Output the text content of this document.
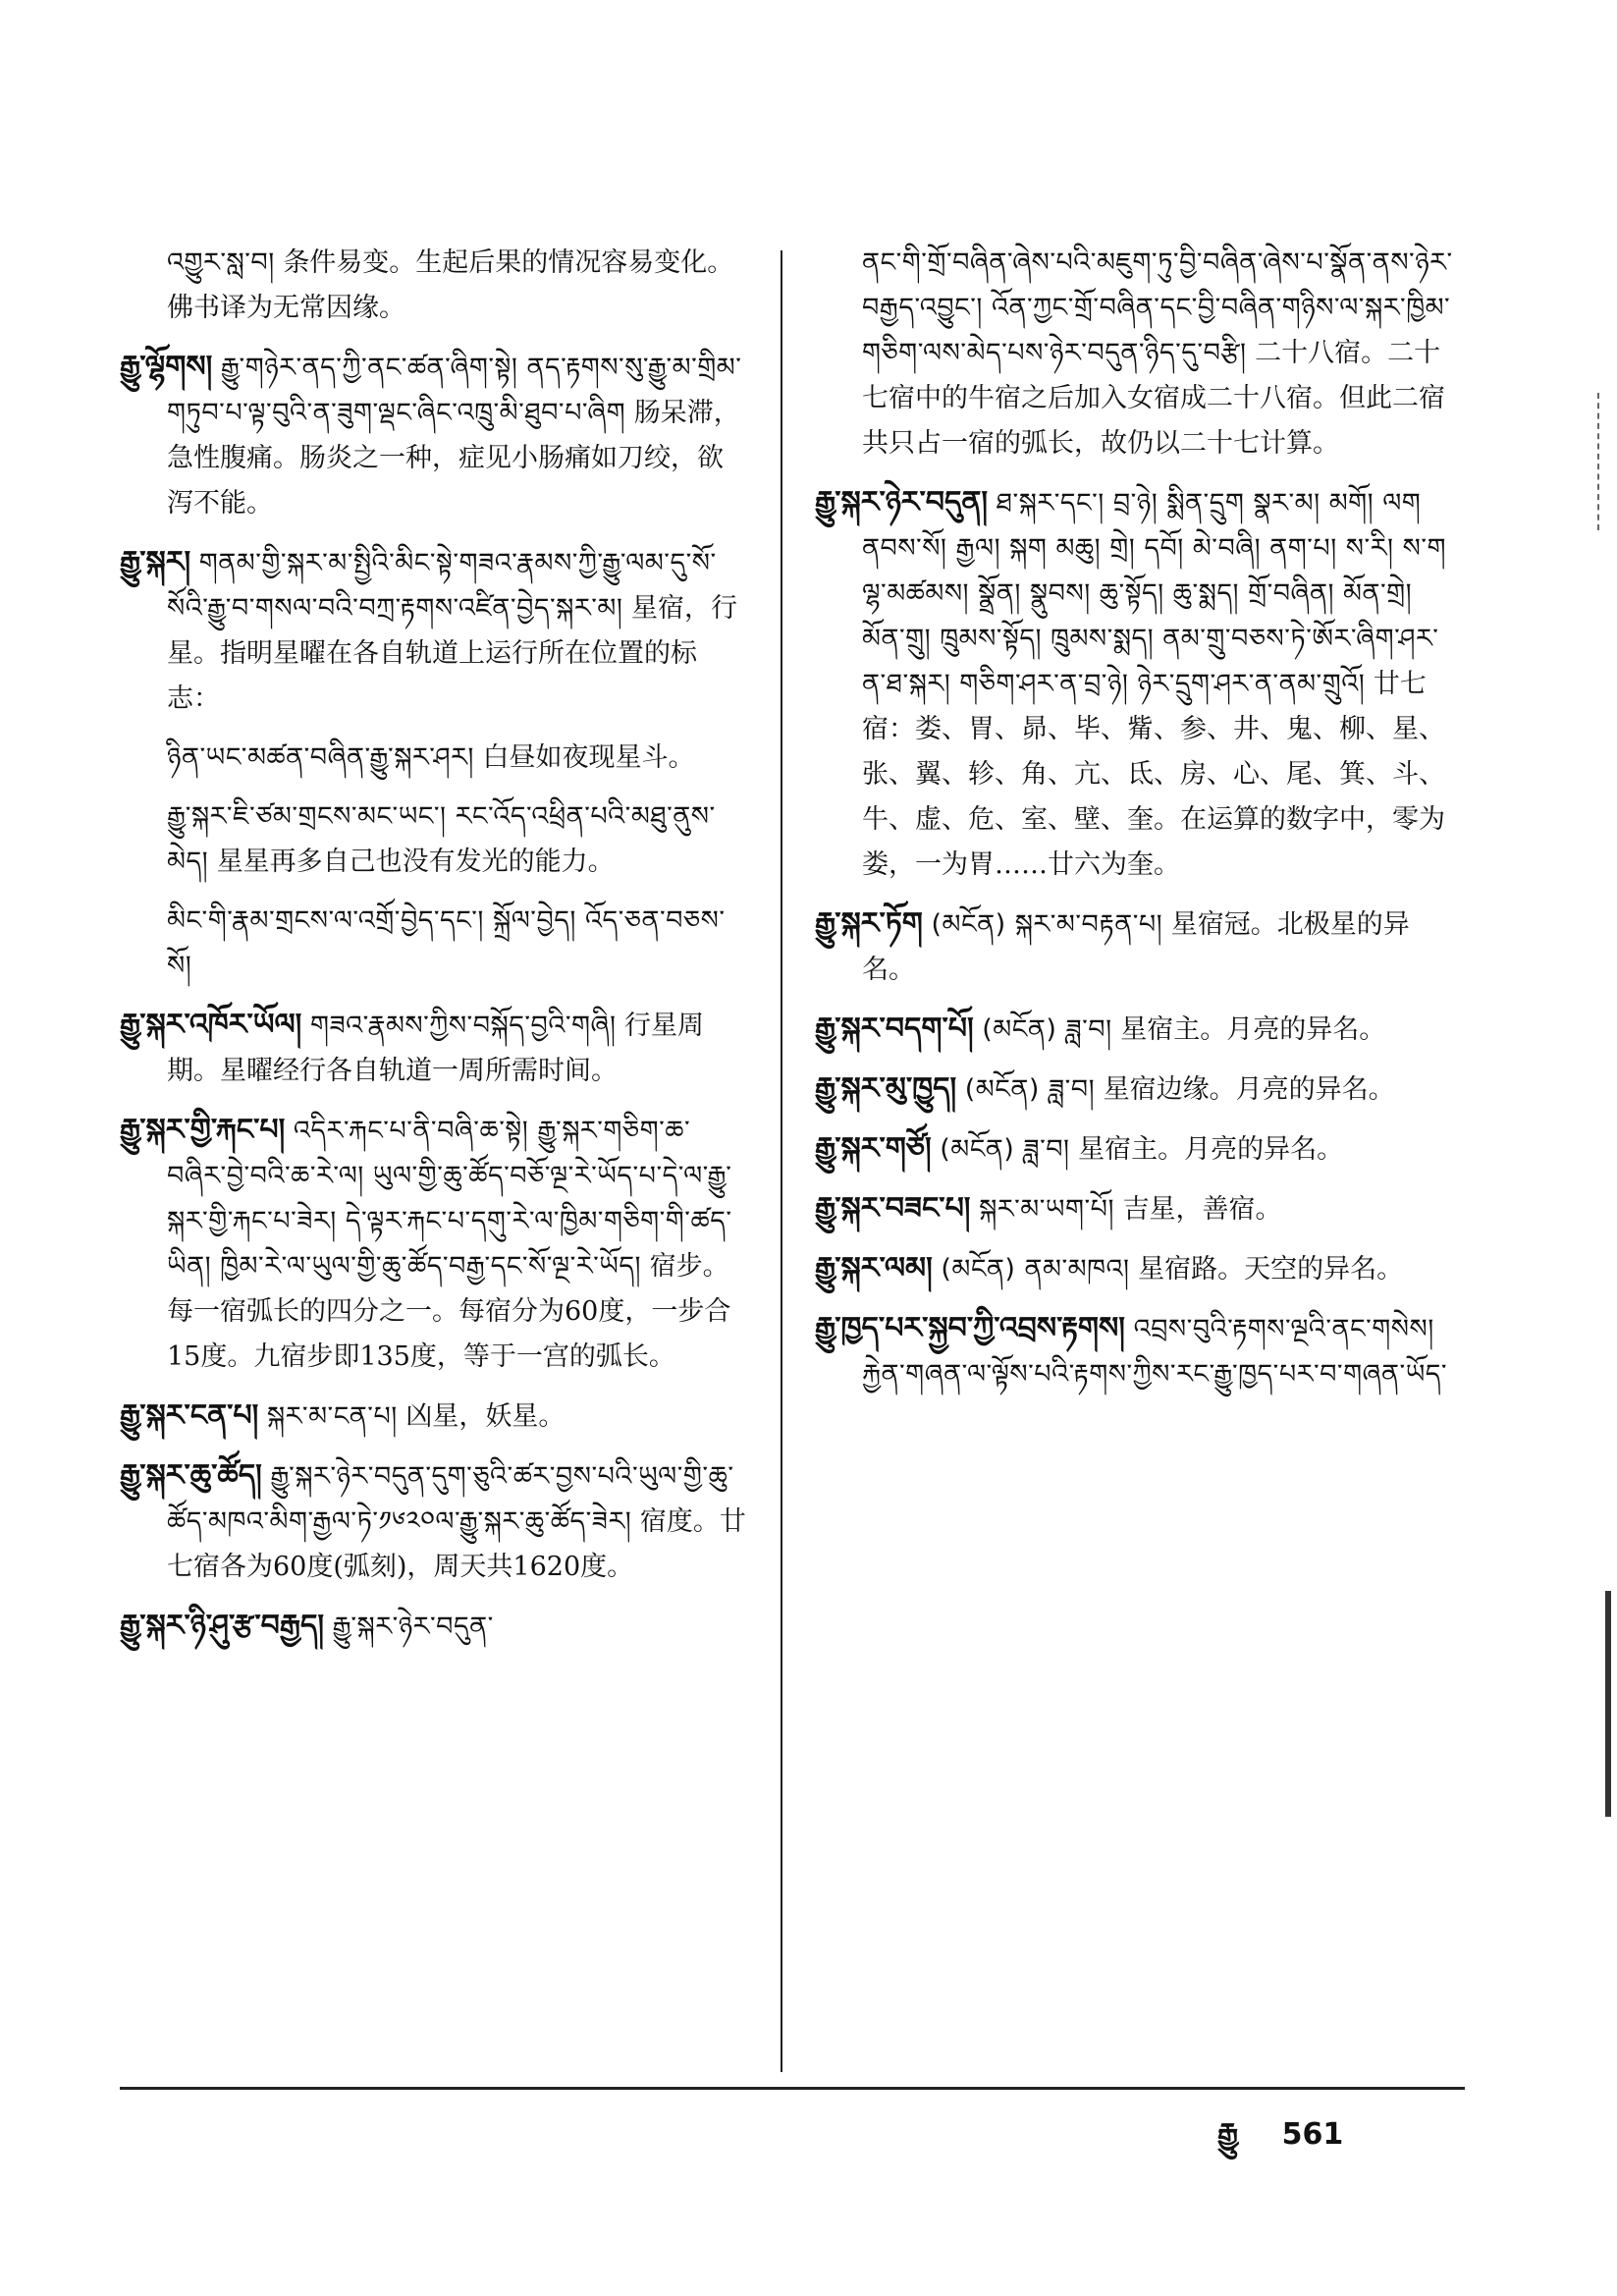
འགྱུར་སླ་བ། 条件易变。生起后果的情况容易变化。佛书译为无常因缘。

རྒྱུ་ལྷོགས། རྒྱུ་གཉེར་ནད་ཀྱི་ནང་ཚན་ཞིག་སྟེ། ནད་རྟགས་སུ་རྒྱུ་མ་གྲིམ་གཏུབ་པ་ལྟ་བུའི་ན་ཟུག་ལྡང་ཞིང་འཁྲུ་མི་ཐུབ་པ་ཞིག 肠呆滞，急性腹痛。肠炎之一种，症见小肠痛如刀绞，欲泻不能。

རྒྱུ་སྐར། གནམ་གྱི་སྐར་མ་སྤྱིའི་མིང་སྟེ་གཟའ་རྣམས་ཀྱི་རྒྱུ་ལམ་དུ་སོ་སོའི་རྒྱུ་བ་གསལ་བའི་བཀྲ་རྟགས་འཛིན་བྱེད་སྐར་མ། 星宿，行星。指明星曜在各自轨道上运行所在位置的标志：

ཉིན་ཡང་མཚན་བཞིན་རྒྱུ་སྐར་ཤར། 白昼如夜现星斗。

རྒྱུ་སྐར་ཇི་ཙམ་གྲངས་མང་ཡང་། རང་འོད་འཕྲིན་པའི་མཐུ་ནུས་མེད། 星星再多自己也没有发光的能力。

མིང་གི་རྣམ་གྲངས་ལ་འགྲོ་བྱེད་དང་། སྐྲོལ་བྱེད། འོད་ཅན་བཅས་སོ།

རྒྱུ་སྐར་འཁོར་ཡོལ། གཟའ་རྣམས་ཀྱིས་བསྐོད་བྱའི་གཞི། 行星周期。星曜经行各自轨道一周所需时间。

རྒྱུ་སྐར་གྱི་རྐང་པ། འདིར་རྐང་པ་ནི་བཞི་ཆ་སྟེ། རྒྱུ་སྐར་གཅིག་ཆ་བཞིར་བྱེ་བའི་ཆ་རེ་ལ། ཡུལ་གྱི་ཆུ་ཚོད་བཅོ་ལྔ་རེ་ཡོད་པ་དེ་ལ་རྒྱུ་སྐར་གྱི་རྐང་པ་ཟེར། དེ་ལྟར་རྐང་པ་དགུ་རེ་ལ་ཁྱིམ་གཅིག་གི་ཚད་ཡིན། ཁྱིམ་རེ་ལ་ཡུལ་གྱི་ཆུ་ཚོད་བརྒྱ་དང་སོ་ལྔ་རེ་ཡོད། 宿步。每一宿弧长的四分之一。每宿分为60度，一步合15度。九宿步即135度，等于一宫的弧长。

རྒྱུ་སྐར་ངན་པ། སྐར་མ་ངན་པ། 凶星，妖星。

རྒྱུ་སྐར་ཆུ་ཚོད། རྒྱུ་སྐར་ཉེར་བདུན་དུག་ཅུའི་ཚར་བྱས་པའི་ཡུལ་གྱི་ཆུ་ཚོད་མཁའ་མིག་རྒྱལ་ཏེ་༡༦༢༠ལ་རྒྱུ་སྐར་ཆུ་ཚོད་ཟེར། 宿度。廿七宿各为60度(弧刻)，周天共1620度。

རྒྱུ་སྐར་ཉི་ཤུ་རྩ་བརྒྱད། རྒྱུ་སྐར་ཉེར་བདུན་

ནང་གི་གྲོ་བཞིན་ཞེས་པའི་མཇུག་ཏུ་བྱི་བཞིན་ཞེས་པ་སྣོན་ནས་ཉེར་བརྒྱད་འབྱུང་། འོན་ཀྱང་གྲོ་བཞིན་དང་བྱི་བཞིན་གཉིས་ལ་སྐར་ཁྱིམ་གཅིག་ལས་མེད་པས་ཉེར་བདུན་ཉིད་དུ་བརྩི། 二十八宿。二十七宿中的牛宿之后加入女宿成二十八宿。但此二宿共只占一宿的弧长，故仍以二十七计算。

རྒྱུ་སྐར་ཉེར་བདུན། ཐ་སྐར་དང་། བྲ་ཉེ། སྨིན་དྲུག སྣར་མ། མགོ། ལག ནབས་སོ། རྒྱལ། སྐག མཆུ། གྲེ། དབོ། མེ་བཞི། ནག་པ། ས་རི། ས་ག ལྷ་མཚམས། སྣྲོན། སྣུབས། ཆུ་སྟོད། ཆུ་སྨད། གྲོ་བཞིན། མོན་གྲེ། མོན་གྲུ། ཁྲུམས་སྟོད། ཁྲུམས་སྨད། ནམ་གྲུ་བཅས་ཏེ་ཨོར་ཞིག་ཤར་ན་ཐ་སྐར། གཅིག་ཤར་ན་བྲ་ཉེ། ཉེར་དྲུག་ཤར་ན་ནམ་གྲུའོ། 廿七宿：娄、胃、昴、毕、觜、参、井、鬼、柳、星、张、翼、轸、角、亢、氐、房、心、尾、箕、斗、牛、虚、危、室、壁、奎。在运算的数字中，零为娄，一为胃……廿六为奎。

རྒྱུ་སྐར་ཏོག (མངོན) སྐར་མ་བརྟན་པ། 星宿冠。北极星的异名。

རྒྱུ་སྐར་བདག་པོ། (མངོན) ཟླ་བ། 星宿主。月亮的异名。

རྒྱུ་སྐར་མུ་ཁྱུད། (མངོན) ཟླ་བ། 星宿边缘。月亮的异名。

རྒྱུ་སྐར་གཙོ། (མངོན) ཟླ་བ། 星宿主。月亮的异名。

རྒྱུ་སྐར་བཟང་པ། སྐར་མ་ཡག་པོ། 吉星，善宿。

རྒྱུ་སྐར་ལམ། (མངོན) ནམ་མཁའ། 星宿路。天空的异名。

རྒྱུ་ཁྱད་པར་སྐྱབ་ཀྱི་འབྲས་རྟགས། འབྲས་བུའི་རྟགས་ལྔའི་ནང་གསེས། རྐྱེན་གཞན་ལ་ལྟོས་པའི་རྟགས་ཀྱིས་རང་རྒྱུ་ཁྱད་པར་བ་གཞན་ཡོད་

རྒྱུ 561
